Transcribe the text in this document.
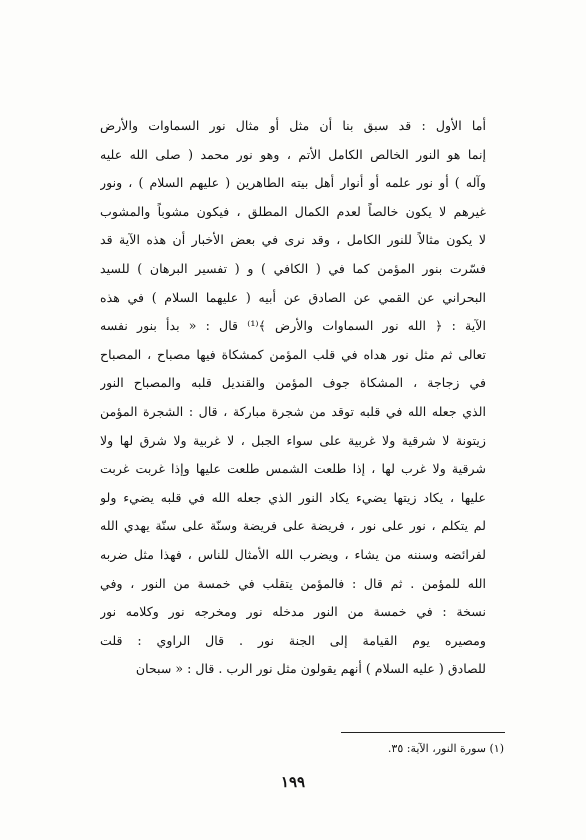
أما الأول : قد سبق بنا أن مثل أو مثال نور السماوات والأرض
إنما هو النور الخالص الكامل الأتم ، وهو نور محمد ( صلى الله عليه
وآله ) أو نور علمه أو أنوار أهل بيته الطاهرين ( عليهم السلام ) ، ونور
غيرهم لا يكون خالصاً لعدم الكمال المطلق ، فيكون مشوباً والمشوب
لا يكون مثالاً للنور الكامل ، وقد نرى في بعض الأخبار أن هذه الآية قد
فسّرت بنور المؤمن كما في ( الكافي ) و ( تفسير البرهان ) للسيد
البحراني عن القمي عن الصادق عن أبيه ( عليهما السلام ) في هذه
الآية : ﴿ الله نور السماوات والأرض ﴾⁽¹⁾ قال : « بدأ بنور نفسه
تعالى ثم مثل نور هداه في قلب المؤمن كمشكاة فيها مصباح ، المصباح
في زجاجة ، المشكاة جوف المؤمن والقنديل قلبه والمصباح النور
الذي جعله الله في قلبه توقد من شجرة مباركة ، قال : الشجرة المؤمن
زيتونة لا شرقية ولا غربية على سواء الجبل ، لا غربية ولا شرق لها ولا
شرقية ولا غرب لها ، إذا طلعت الشمس طلعت عليها وإذا غربت غربت
عليها ، يكاد زيتها يضيء يكاد النور الذي جعله الله في قلبه يضيء ولو
لم يتكلم ، نور على نور ، فريضة على فريضة وسنّة على سنّة يهدي الله
لفرائضه وسننه من يشاء ، ويضرب الله الأمثال للناس ، فهذا مثل ضربه
الله للمؤمن . ثم قال : فالمؤمن يتقلب في خمسة من النور ، وفي
نسخة : في خمسة من النور مدخله نور ومخرجه نور وكلامه نور
ومصيره يوم القيامة إلى الجنة نور . قال الراوي : قلت
للصادق ( عليه السلام ) أنهم يقولون مثل نور الرب . قال : « سبحان
(١) سورة النور، الآية: ٣٥.
١٩٩
